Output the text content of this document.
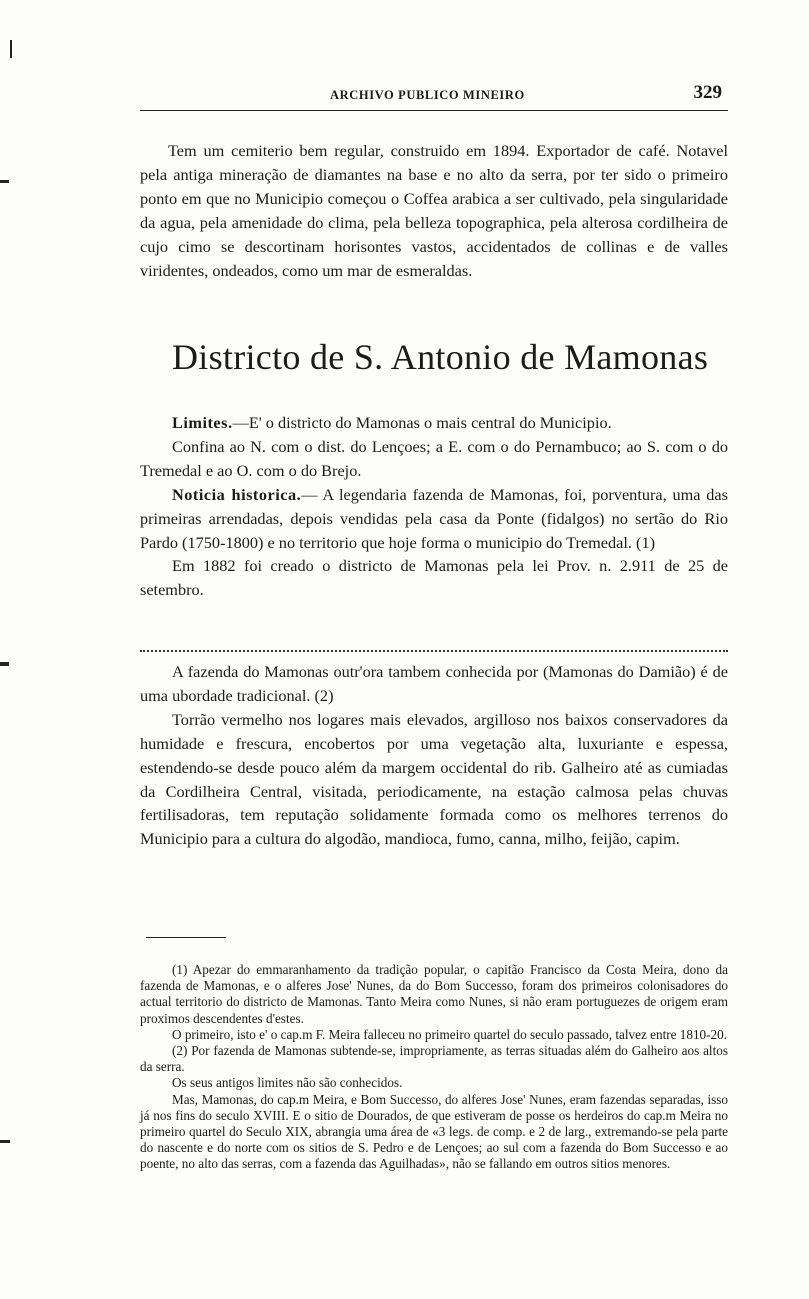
ARCHIVO PUBLICO MINEIRO	329
Tem um cemiterio bem regular, construido em 1894. Exportador de café. Notavel pela antiga mineração de diamantes na base e no alto da serra, por ter sido o primeiro ponto em que no Municipio começou o Coffea arabica a ser cultivado, pela singularidade da agua, pela amenidade do clima, pela belleza topographica, pela alterosa cordilheira de cujo cimo se descortinam horisontes vastos, accidentados de collinas e de valles viridentes, ondeados, como um mar de esmeraldas.
Districto de S. Antonio de Mamonas

Limites.—E' o districto do Mamonas o mais central do Municipio.

Confina ao N. com o dist. do Lençoes; a E. com o do Pernambuco; ao S. com o do Tremedal e ao O. com o do Brejo.

Noticia historica.— A legendaria fazenda de Mamonas, foi, porventura, uma das primeiras arrendadas, depois vendidas pela casa da Ponte (fidalgos) no sertão do Rio Pardo (1750-1800) e no territorio que hoje forma o municipio do Tremedal. (1)

Em 1882 foi creado o districto de Mamonas pela lei Prov. n. 2.911 de 25 de setembro.

A fazenda do Mamonas outr'ora tambem conhecida por (Mamonas do Damião) é de uma ubordade tradicional. (2)

Torrão vermelho nos logares mais elevados, argilloso nos baixos conservadores da humidade e frescura, encobertos por uma vegetação alta, luxuriante e espessa, estendendo-se desde pouco além da margem occidental do rib. Galheiro até as cumiadas da Cordilheira Central, visitada, periodicamente, na estação calmosa pelas chuvas fertilisadoras, tem reputação solidamente formada como os melhores terrenos do Municipio para a cultura do algodão, mandioca, fumo, canna, milho, feijão, capim.

(1) Apezar do emmaranhamento da tradição popular, o capitão Francisco da Costa Meira, dono da fazenda de Mamonas, e o alferes Jose' Nunes, da do Bom Successo, foram dos primeiros colonisadores do actual territorio do districto de Mamonas. Tanto Meira como Nunes, si não eram portuguezes de origem eram proximos descendentes d'estes.

O primeiro, isto e' o cap.m F. Meira falleceu no primeiro quartel do seculo passado, talvez entre 1810-20.

(2) Por fazenda de Mamonas subtende-se, impropriamente, as terras situadas além do Galheiro aos altos da serra.

Os seus antigos limites não são conhecidos.

Mas, Mamonas, do cap.m Meira, e Bom Successo, do alferes Jose' Nunes, eram fazendas separadas, isso já nos fins do seculo XVIII. E o sitio de Dourados, de que estiveram de posse os herdeiros do cap.m Meira no primeiro quartel do Seculo XIX, abrangia uma área de «3 legs. de comp. e 2 de larg., extremando-se pela parte do nascente e do norte com os sitios de S. Pedro e de Lençoes; ao sul com a fazenda do Bom Successo e ao poente, no alto das serras, com a fazenda das Aguilhadas», não se fallando em outros sitios menores.
